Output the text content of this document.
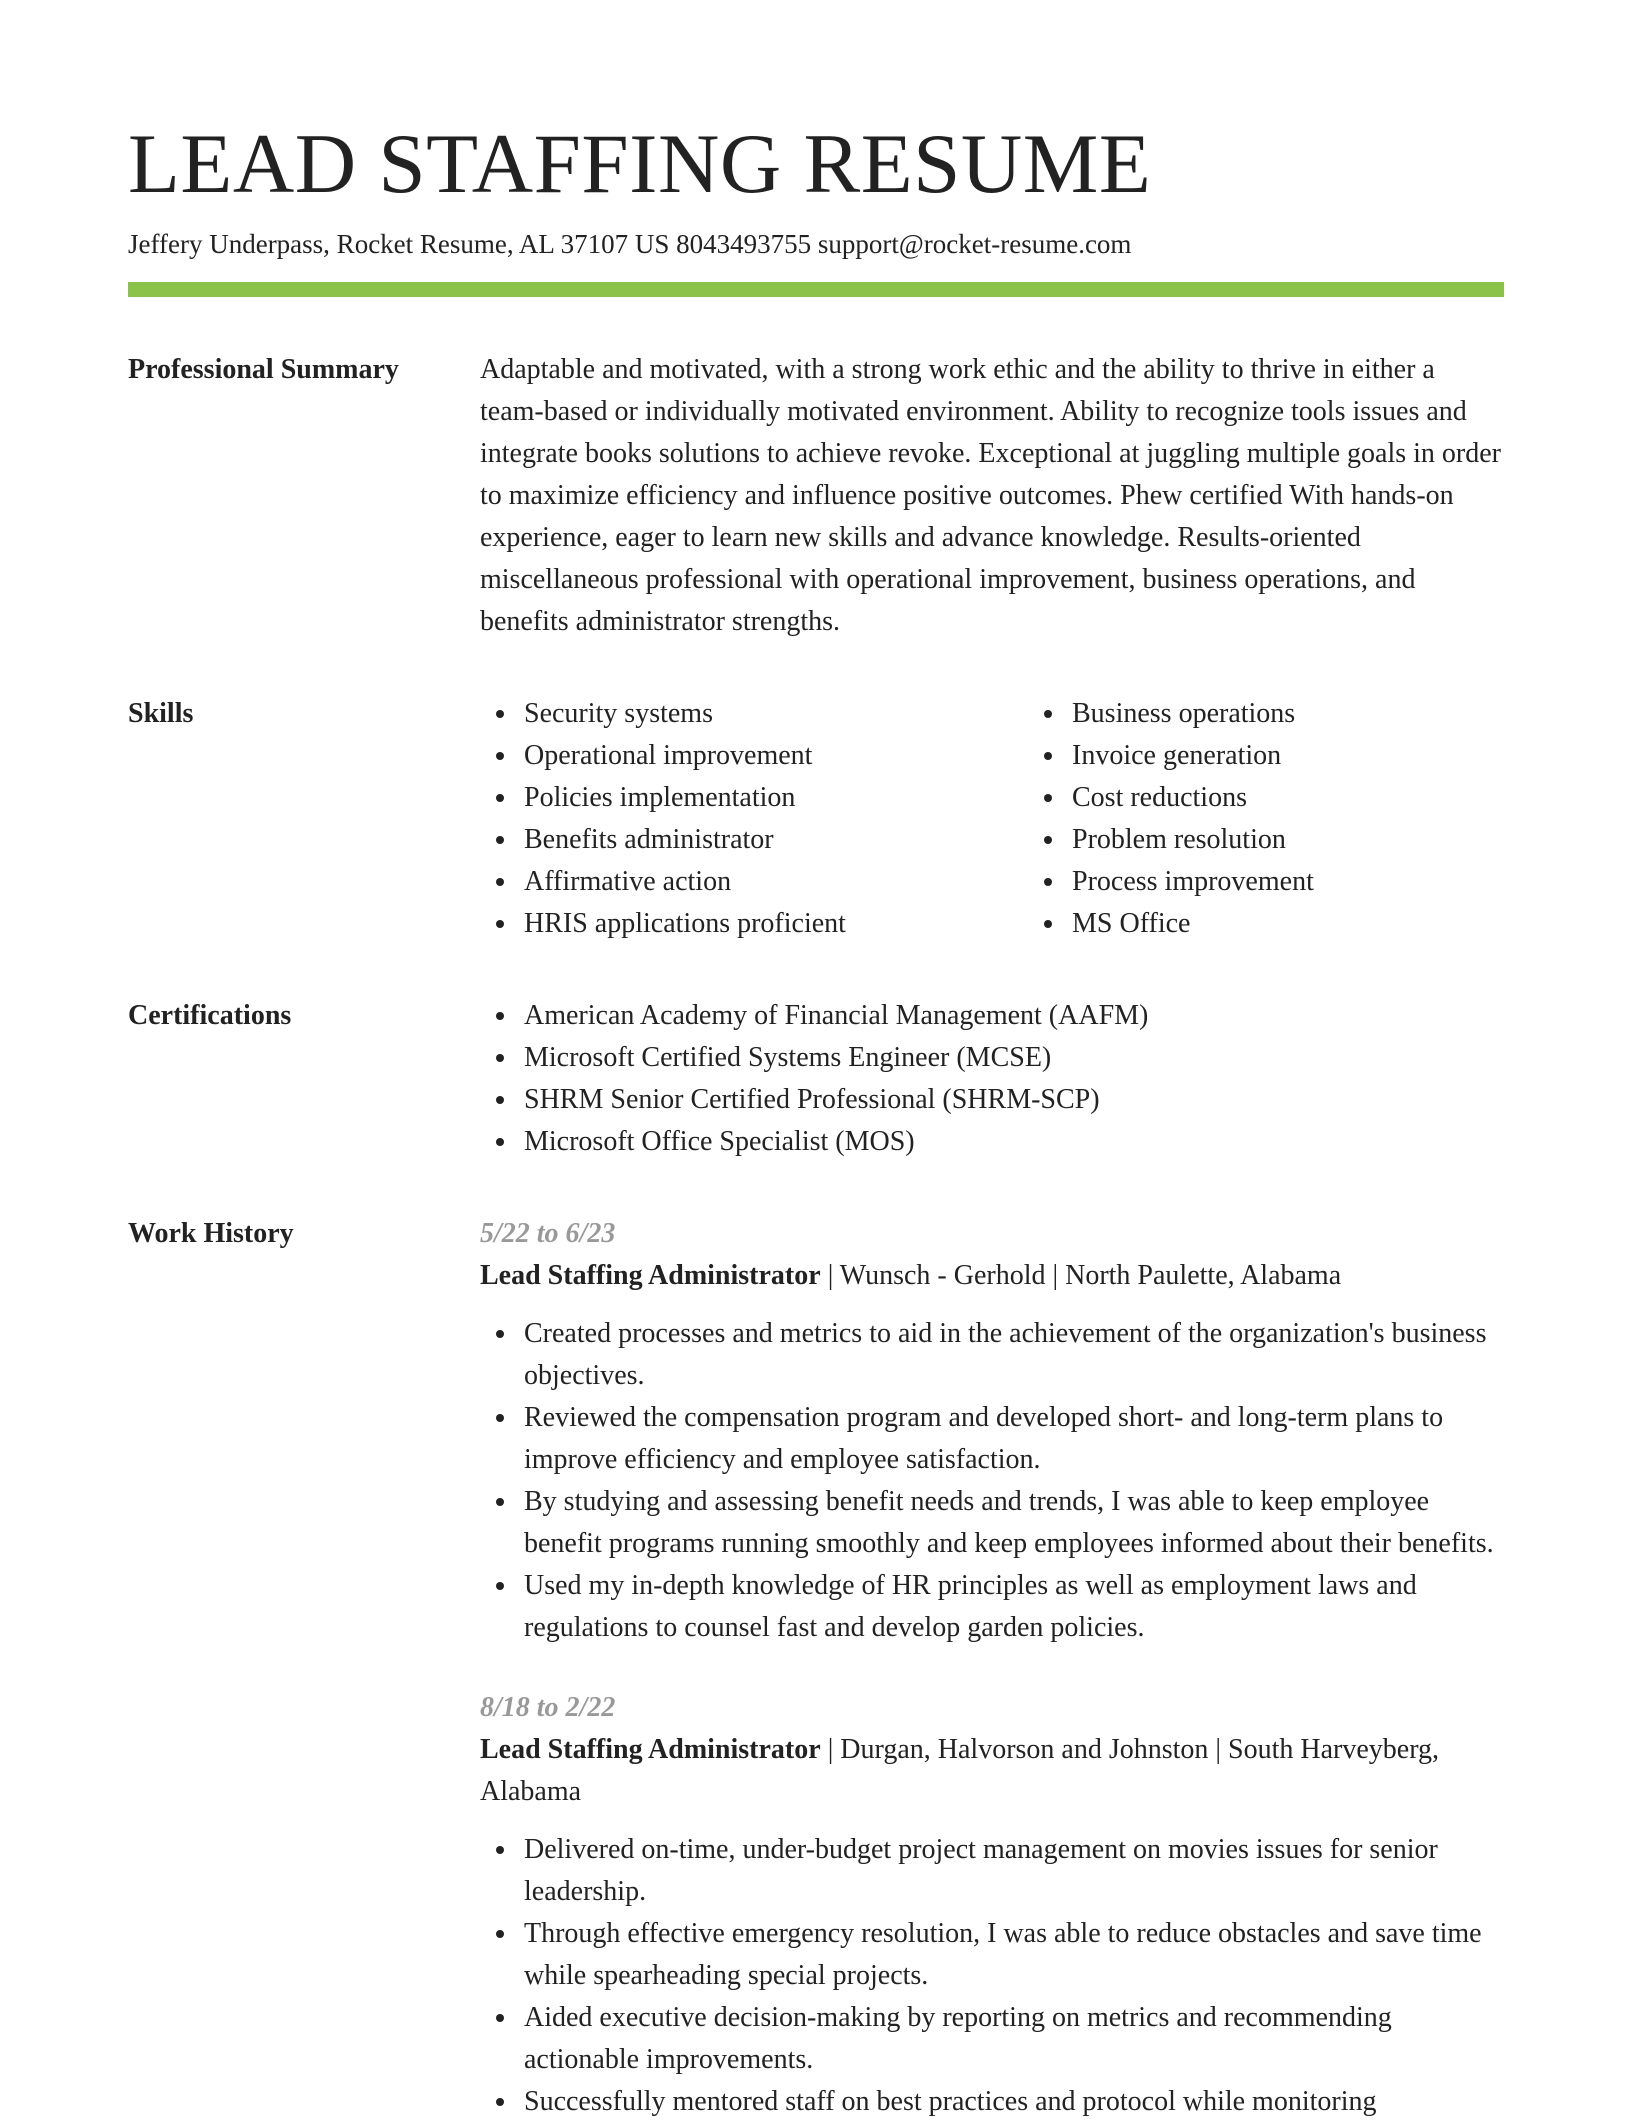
LEAD STAFFING RESUME
Jeffery Underpass, Rocket Resume, AL 37107 US 8043493755 support@rocket-resume.com
Professional Summary	Adaptable and motivated, with a strong work ethic and the ability to thrive in either a team-based or individually motivated environment. Ability to recognize tools issues and integrate books solutions to achieve revoke. Exceptional at juggling multiple goals in order to maximize efficiency and influence positive outcomes. Phew certified With hands-on experience, eager to learn new skills and advance knowledge. Results-oriented miscellaneous professional with operational improvement, business operations, and benefits administrator strengths.

Skills	Security systems
Operational improvement
Policies implementation
Benefits administrator
Affirmative action
HRIS applications proficient
Business operations
Invoice generation
Cost reductions
Problem resolution
Process improvement
MS Office
Certifications	American Academy of Financial Management (AAFM)
Microsoft Certified Systems Engineer (MCSE)
SHRM Senior Certified Professional (SHRM-SCP)
Microsoft Office Specialist (MOS)
Work History	5/22 to 6/23
Lead Staffing Administrator | Wunsch - Gerhold | North Paulette, Alabama
Created processes and metrics to aid in the achievement of the organization's business objectives.
Reviewed the compensation program and developed short- and long-term plans to improve efficiency and employee satisfaction.
By studying and assessing benefit needs and trends, I was able to keep employee benefit programs running smoothly and keep employees informed about their benefits.
Used my in-depth knowledge of HR principles as well as employment laws and regulations to counsel fast and develop garden policies.
8/18 to 2/22
Lead Staffing Administrator | Durgan, Halvorson and Johnston | South Harveyberg, Alabama
Delivered on-time, under-budget project management on movies issues for senior leadership.
Through effective emergency resolution, I was able to reduce obstacles and save time while spearheading special projects.
Aided executive decision-making by reporting on metrics and recommending actionable improvements.
Successfully mentored staff on best practices and protocol while monitoring
